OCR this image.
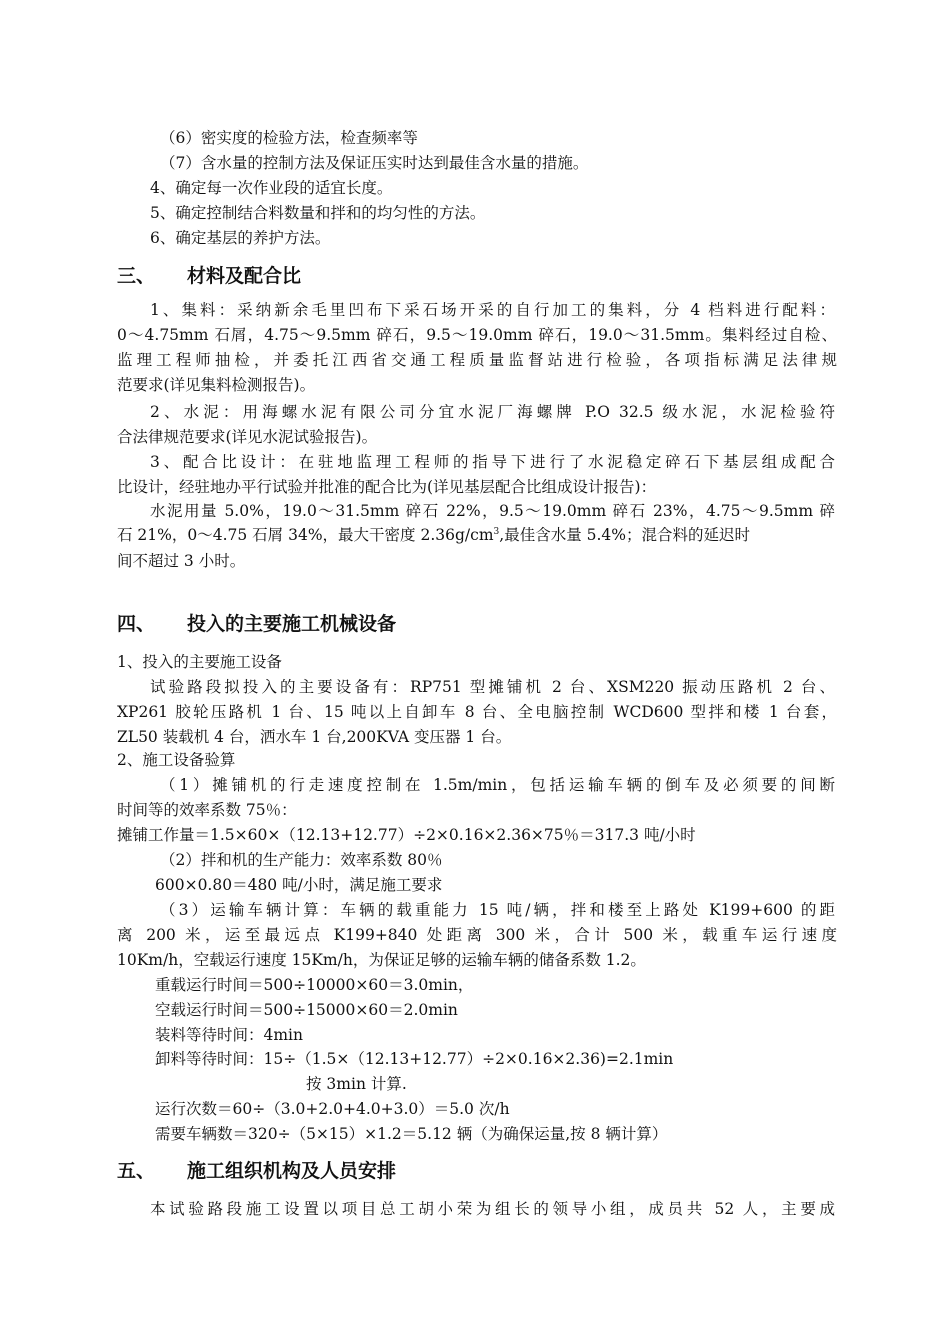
（6）密实度的检验方法，检查频率等
（7）含水量的控制方法及保证压实时达到最佳含水量的措施。
4、确定每一次作业段的适宜长度。
5、确定控制结合料数量和拌和的均匀性的方法。
6、确定基层的养护方法。
三、 材料及配合比
1、集料：采纳新余毛里凹布下采石场开采的自行加工的集料，分 4 档料进行配料：
0～4.75mm 石屑，4.75～9.5mm 碎石，9.5～19.0mm 碎石，19.0～31.5mm。集料经过自检、
监理工程师抽检，并委托江西省交通工程质量监督站进行检验，各项指标满足法律规
范要求(详见集料检测报告)。
2、水泥：用海螺水泥有限公司分宜水泥厂海螺牌 P.O 32.5 级水泥，水泥检验符
合法律规范要求(详见水泥试验报告)。
3、配合比设计：在驻地监理工程师的指导下进行了水泥稳定碎石下基层组成配合
比设计，经驻地办平行试验并批准的配合比为(详见基层配合比组成设计报告)：
水泥用量 5.0%，19.0～31.5mm 碎石 22%，9.5～19.0mm 碎石 23%，4.75～9.5mm 碎
石 21%，0～4.75 石屑 34%，最大干密度 $2.36g/cm^3$,最佳含水量 5.4%；混合料的延迟时
间不超过 3 小时。
四、 投入的主要施工机械设备
1、投入的主要施工设备
试验路段拟投入的主要设备有：RP751 型摊铺机 2 台、XSM220 振动压路机 2 台、
XP261 胶轮压路机 1 台、15 吨以上自卸车 8 台、全电脑控制 WCD600 型拌和楼 1 台套，
ZL50 装载机 4 台，洒水车 1 台,200KVA 变压器 1 台。
2、施工设备验算
（1）摊铺机的行走速度控制在 1.5m/min，包括运输车辆的倒车及必须要的间断
时间等的效率系数 75％：
摊铺工作量＝1.5×60×（12.13+12.77）÷2×0.16×2.36×75％＝317.3 吨/小时
（2）拌和机的生产能力：效率系数 80％
600×0.80＝480 吨/小时，满足施工要求
（3）运输车辆计算：车辆的载重能力 15 吨/辆，拌和楼至上路处 K199+600 的距
离 200 米，运至最远点 K199+840 处距离 300 米，合计 500 米，载重车运行速度
10Km/h，空载运行速度 15Km/h，为保证足够的运输车辆的储备系数 1.2。
重载运行时间＝500÷10000×60＝3.0min，
空载运行时间＝500÷15000×60＝2.0min
装料等待时间：4min
卸料等待时间：15÷（1.5×（12.13+12.77）÷2×0.16×2.36)=2.1min
按 3min 计算.
运行次数＝60÷（3.0+2.0+4.0+3.0）＝5.0 次/h
需要车辆数＝320÷（5×15）×1.2＝5.12 辆（为确保运量,按 8 辆计算）
五、 施工组织机构及人员安排
本试验路段施工设置以项目总工胡小荣为组长的领导小组，成员共 52 人，主要成
